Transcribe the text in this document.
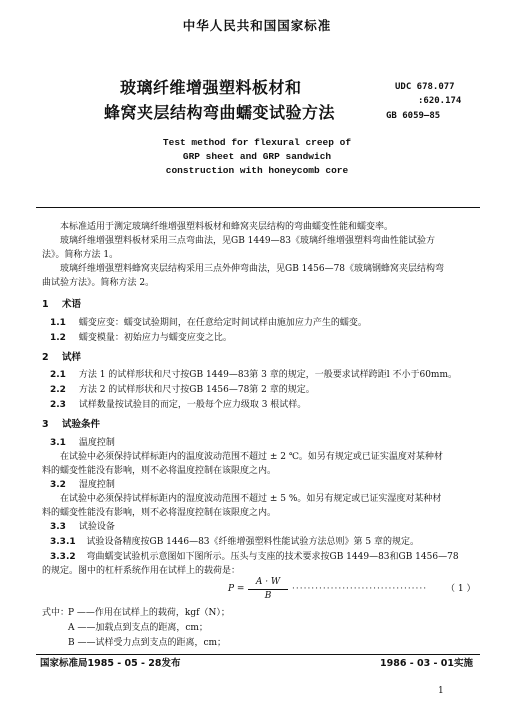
中华人民共和国国家标准
玻璃纤维增强塑料板材和
蜂窝夹层结构弯曲蠕变试验方法
UDC 678.077
:620.174
GB 6059—85
Test method for flexural creep of
GRP sheet and GRP sandwich
construction with honeycomb core
本标准适用于测定玻璃纤维增强塑料板材和蜂窝夹层结构的弯曲蠕变性能和蠕变率。
玻璃纤维增强塑料板材采用三点弯曲法，见GB 1449—83《玻璃纤维增强塑料弯曲性能试验方
法》。简称方法 1。
玻璃纤维增强塑料蜂窝夹层结构采用三点外伸弯曲法，见GB 1456—78《玻璃钢蜂窝夹层结构弯
曲试验方法》。简称方法 2。
1 术语
1.1 蠕变应变：蠕变试验期间，在任意给定时间试样由施加应力产生的蠕变。
1.2 蠕变模量：初始应力与蠕变应变之比。
2 试样
2.1 方法 1 的试样形状和尺寸按GB 1449—83第 3 章的规定，一般要求试样跨距l 不小于60mm。
2.2 方法 2 的试样形状和尺寸按GB 1456—78第 2 章的规定。
2.3 试样数量按试验目的而定，一般每个应力级取 3 根试样。
3 试验条件
3.1 温度控制
在试验中必须保持试样标距内的温度波动范围不超过 ± 2 ℃。如另有规定或已证实温度对某种材
料的蠕变性能没有影响，则不必将温度控制在该限度之内。
3.2 湿度控制
在试验中必须保持试样标距内的湿度波动范围不超过 ± 5 %。如另有规定或已证实湿度对某种材
料的蠕变性能没有影响，则不必将湿度控制在该限度之内。
3.3 试验设备
3.3.1 试验设备精度按GB 1446—83《纤维增强塑料性能试验方法总则》第 5 章的规定。
3.3.2 弯曲蠕变试验机示意图如下图所示。压头与支座的技术要求按GB 1449—83和GB 1456—78
的规定。图中的杠杆系统作用在试样上的载荷是：
P =
A · W
B
··································· （ 1 ）
式中：
P ——作用在试样上的载荷，kgf（N）；
A ——加载点到支点的距离，cm；
B ——试样受力点到支点的距离，cm；
国家标准局1985 - 05 - 28发布	1986 - 03 - 01实施
1
